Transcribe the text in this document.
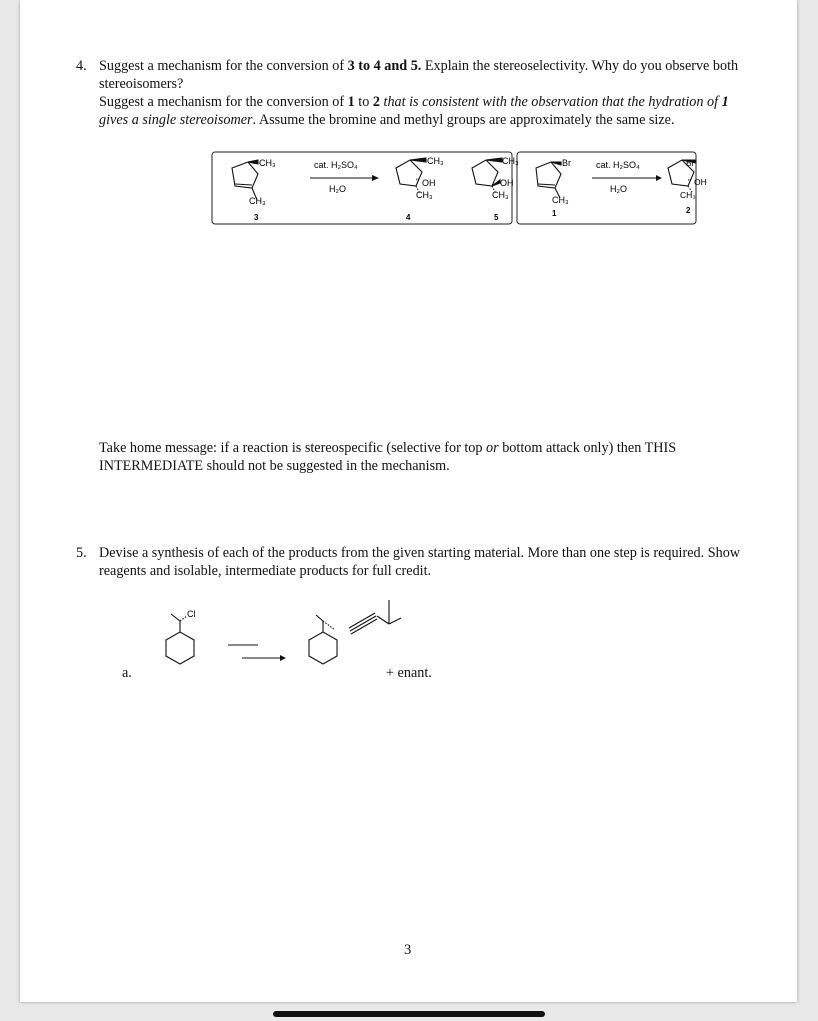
4. Suggest a mechanism for the conversion of 3 to 4 and 5. Explain the stereoselectivity. Why do you observe both stereoisomers?

Suggest a mechanism for the conversion of 1 to 2 that is consistent with the observation that the hydration of 1 gives a single stereoisomer. Assume the bromine and methyl groups are approximately the same size.

CH₃
CH₃
3
cat. H₂SO₄
H₂O
CH₃
'' OH
CH₃
4
CH₃
OH
CH₃
5
Br
CH₃
1
cat. H₂SO₄
H₂O
Br
'' OH
CH₃
2
Take home message: if a reaction is stereospecific (selective for top or bottom attack only) then THIS INTERMEDIATE should not be suggested in the mechanism.
5. Devise a synthesis of each of the products from the given starting material. More than one step is required. Show reagents and isolable, intermediate products for full credit.
a.
Cl
+ enant.
3
